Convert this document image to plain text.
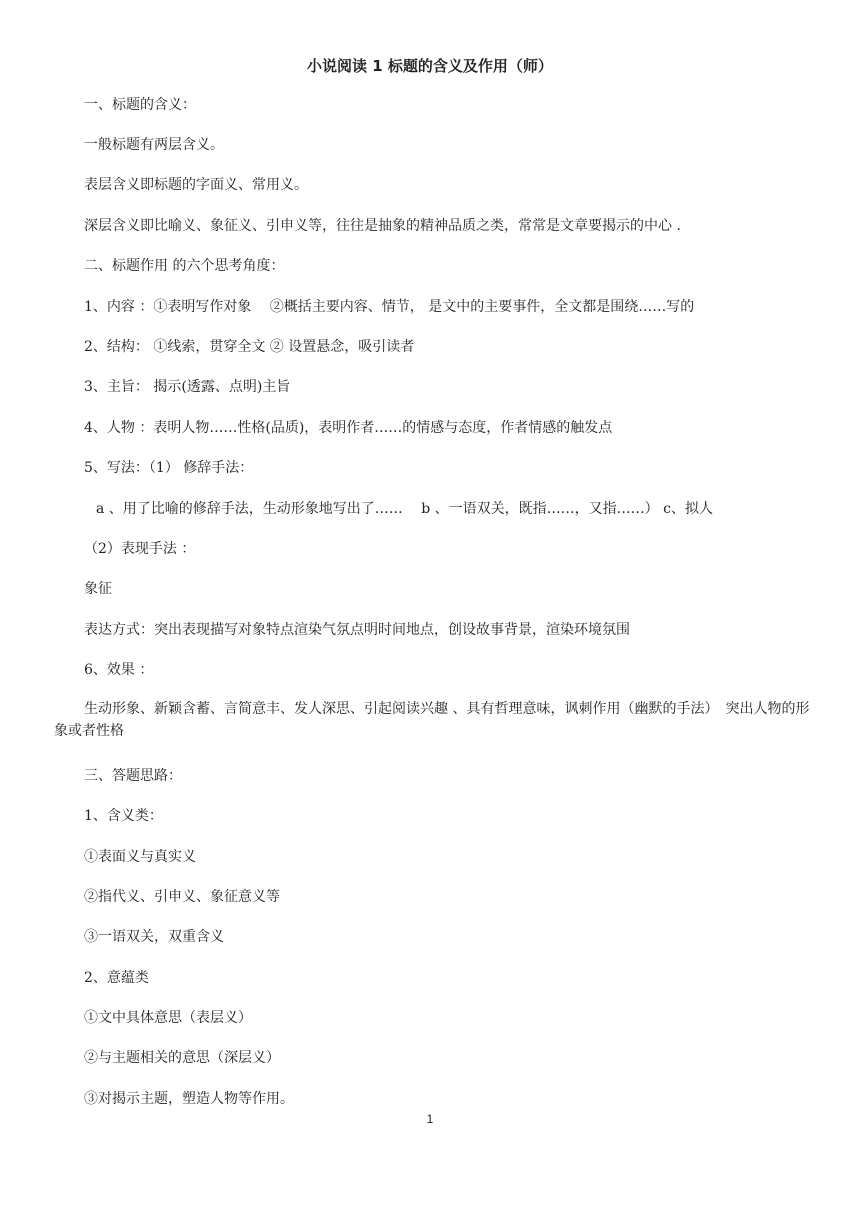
小说阅读 1 标题的含义及作用（师）
一、标题的含义：
一般标题有两层含义。
表层含义即标题的字面义、常用义。
深层含义即比喻义、象征义、引申义等，往往是抽象的精神品质之类，常常是文章要揭示的中心 .
二、标题作用 的六个思考角度：
1、内容 ：①表明写作对象　 ②概括主要内容、情节， 是文中的主要事件，全文都是围绕……写的
2、结构： ①线索，贯穿全文 ② 设置悬念，吸引读者
3、主旨： 揭示(透露、点明)主旨
4、人物 ：表明人物……性格(品质)，表明作者……的情感与态度，作者情感的触发点
5、写法：（1） 修辞手法：
a 、用了比喻的修辞手法，生动形象地写出了……　 b 、一语双关，既指……，又指……） c、拟人
（2）表现手法 ：
象征
表达方式：突出表现描写对象特点渲染气氛点明时间地点，创设故事背景，渲染环境氛围
6、效果 ：
生动形象、新颖含蓄、言简意丰、发人深思、引起阅读兴趣 、具有哲理意味，讽刺作用（幽默的手法）　突出人物的形象或者性格
三、答题思路：
1、含义类：
①表面义与真实义
②指代义、引申义、象征意义等
③一语双关，双重含义
2、意蕴类
①文中具体意思（表层义）
②与主题相关的意思（深层义）
③对揭示主题，塑造人物等作用。
1
